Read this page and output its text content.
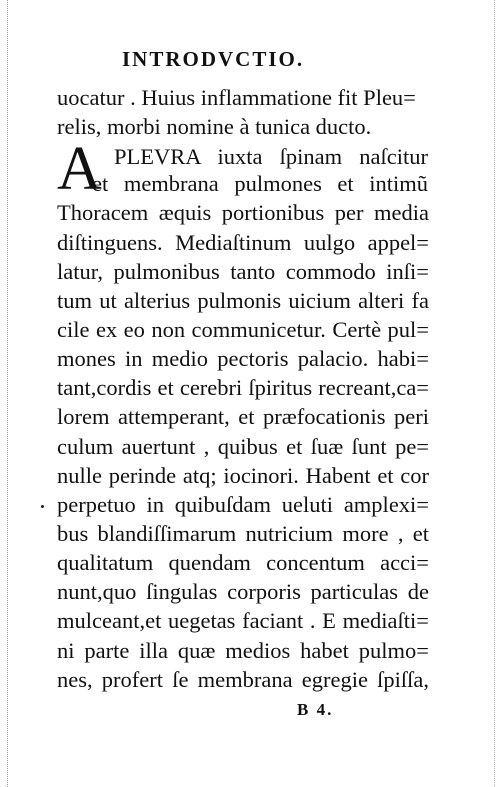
INTRODVCTIO.
uocatur . Huius inflammatione fit Pleu=
relis, morbi nomine à tunica ducto.
A PLEVRA iuxta ſpinam naſcitur
et membrana pulmones et intimũ
Thoracem æquis portionibus per media
diſtinguens. Mediaſtinum uulgo appel=
latur, pulmonibus tanto commodo inſi=
tum ut alterius pulmonis uicium alteri fa
cile ex eo non communicetur. Certè pul=
mones in medio pectoris palacio. habi=
tant,cordis et cerebri ſpiritus recreant,ca=
lorem attemperant, et præfocationis peri
culum auertunt , quibus et ſuæ ſunt pe=
nulle perinde atq; iocinori. Habent et cor
perpetuo in quibuſdam ueluti amplexi=
bus blandiſſimarum nutricium more , et
qualitatum quendam concentum acci=
nunt,quo ſingulas corporis particulas de
mulceant,et uegetas faciant . E mediaſti=
ni parte illa quæ medios habet pulmo=
nes, profert ſe membrana egregie ſpiſſa,
B 4.
